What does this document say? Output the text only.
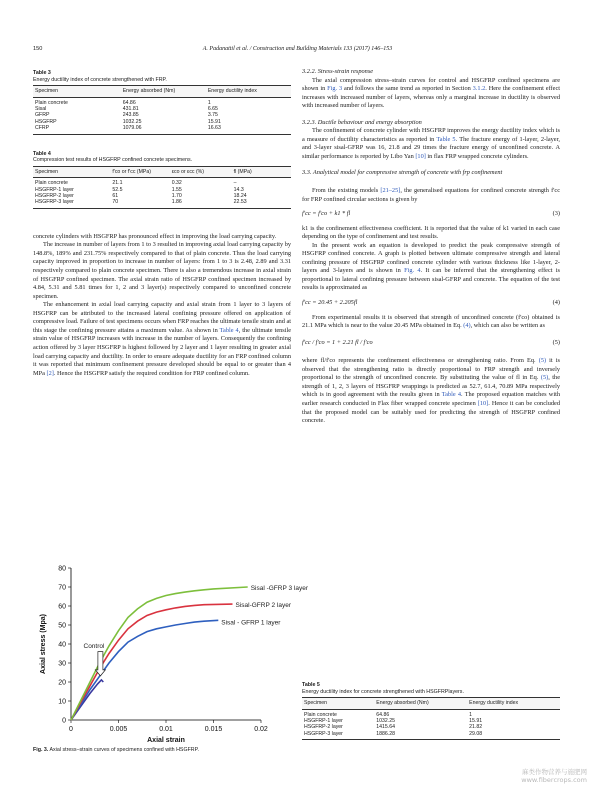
150	A. Padanattil et al. / Construction and Building Materials 133 (2017) 146–153
Table 3
Energy ductility index of concrete strengthened with FRP.
Specimen	Energy absorbed (Nm)	Energy ductility index
Plain concrete	64.86	1
Sisal	431.81	6.65
GFRP	243.85	3.75
HSGFRP	1032.25	15.91
CFRP	1079.06	16.63
Table 4
Compression test results of HSGFRP confined concrete specimens.
Specimen	f'co or f'cc (MPa)	εco or εcc (%)	fl (MPa)
Plain concrete	21.1	0.32	–
HSGFRP-1 layer	52.5	1.55	14.3
HSGFRP-2 layer	61	1.70	18.24
HSGFRP-3 layer	70	1.86	22.53

concrete cylinders with HSGFRP has pronounced effect in improving the load carrying capacity.

The increase in number of layers from 1 to 3 resulted in improving axial load carrying capacity by 148.8%, 189% and 231.75% respectively compared to that of plain concrete. Thus the load carrying capacity improved in proportion to increase in number of layers: from 1 to 3 is 2.48, 2.89 and 3.31 respectively compared to plain concrete specimen. There is also a tremendous increase in axial strain of HSGFRP confined specimen. The axial strain ratio of HSGFRP confined specimen increased by 4.84, 5.31 and 5.81 times for 1, 2 and 3 layer(s) respectively compared to unconfined concrete specimen.

The enhancement in axial load carrying capacity and axial strain from 1 layer to 3 layers of HSGFRP can be attributed to the increased lateral confining pressure offered on application of compressive load. Failure of test specimens occurs when FRP reaches the ultimate tensile strain and at this stage the confining pressure attains a maximum value. As shown in Table 4, the ultimate tensile strain value of HSGFRP increases with increase in the number of layers. Consequently the confining action offered by 3 layer HSGFRP is highest followed by 2 layer and 1 layer resulting in greater axial load carrying capacity and ductility. In order to ensure adequate ductility for an FRP confined column it was reported that minimum confinement pressure developed should be equal to or greater than 4 MPa [2]. Hence the HSGFRP satisfy the required condition for FRP confined column.

0
10
20
30
40
50
60
70
80
0	0.005	0.01	0.015	0.02
Axial strain
Axial stress (Mpa)	Sisal - GFRP 1 layer
Sisal-GFRP 2 layer
Sisal -GFRP 3 layer
Control
Fig. 3. Axial stress–strain curves of specimens confined with HSGFRP.
3.2.2. Stress-strain response

The axial compression stress–strain curves for control and HSGFRP confined specimens are shown in Fig. 3 and follows the same trend as reported in Section 3.1.2. Here the confinement effect increases with increased number of layers, whereas only a marginal increase in ductility is observed with increased number of layers.

3.2.3. Ductile behaviour and energy absorption

The confinement of concrete cylinder with HSGFRP improves the energy ductility index which is a measure of ductility characteristics as reported in Table 5. The fracture energy of 1-layer, 2-layer, and 3-layer sisal-GFRP was 16, 21.8 and 29 times the fracture energy of unconfined concrete. A similar performance is reported by Libo Yan [10] in flax FRP wrapped concrete cylinders.

3.3. Analytical model for compressive strength of concrete with frp confinement

From the existing models [21–25], the generalised equations for confined concrete strength f'cc for FRP confined circular sections is given by

f'cc = f'co + k1 * fl	(3)

k1 is the confinement effectiveness coefficient. It is reported that the value of k1 varied in each case depending on the type of confinement and test results.

In the present work an equation is developed to predict the peak compressive strength of HSGFRP confined concrete. A graph is plotted between ultimate compressive strength and lateral confining pressure of HSGFRP confined concrete cylinder with various thickness like 1-layer, 2-layers and 3-layers and is shown in Fig. 4. It can be inferred that the strengthening effect is proportional to lateral confining pressure between sisal-GFRP and concrete. The equation of the test results is approximated as

f'cc = 20.45 + 2.205fl	(4)

From experimental results it is observed that strength of unconfined concrete (f'co) obtained is 21.1 MPa which is near to the value 20.45 MPa obtained in Eq. (4), which can also be written as

f'cc / f'co = 1 + 2.21 fl / f'co	(5)

where fl/f'co represents the confinement effectiveness or strengthening ratio. From Eq. (5) it is observed that the strengthening ratio is directly proportional to FRP strength and inversely proportional to the strength of unconfined concrete. By substituting the value of fl in Eq. (5), the strength of 1, 2, 3 layers of HSGFRP wrappings is predicted as 52.7, 61.4, 70.89 MPa respectively which is in good agreement with the results given in Table 4. The proposed equation matches with earlier research conducted in Flax fiber wrapped concrete specimen [10]. Hence it can be concluded that the proposed model can be suitably used for predicting the strength of HSGFRP confined concrete.

Table 5
Energy ductility index for concrete strengthened with HSGFRPlayers.
Specimen	Energy absorbed (Nm)	Energy ductility index
Plain concrete	64.86	1
HSGFRP-1 layer	1032.25	15.91
HSGFRP-2 layer	1415.64	21.82
HSGFRP-3 layer	1886.28	29.08
麻类作物营养与施肥网
www.fibercrops.com
